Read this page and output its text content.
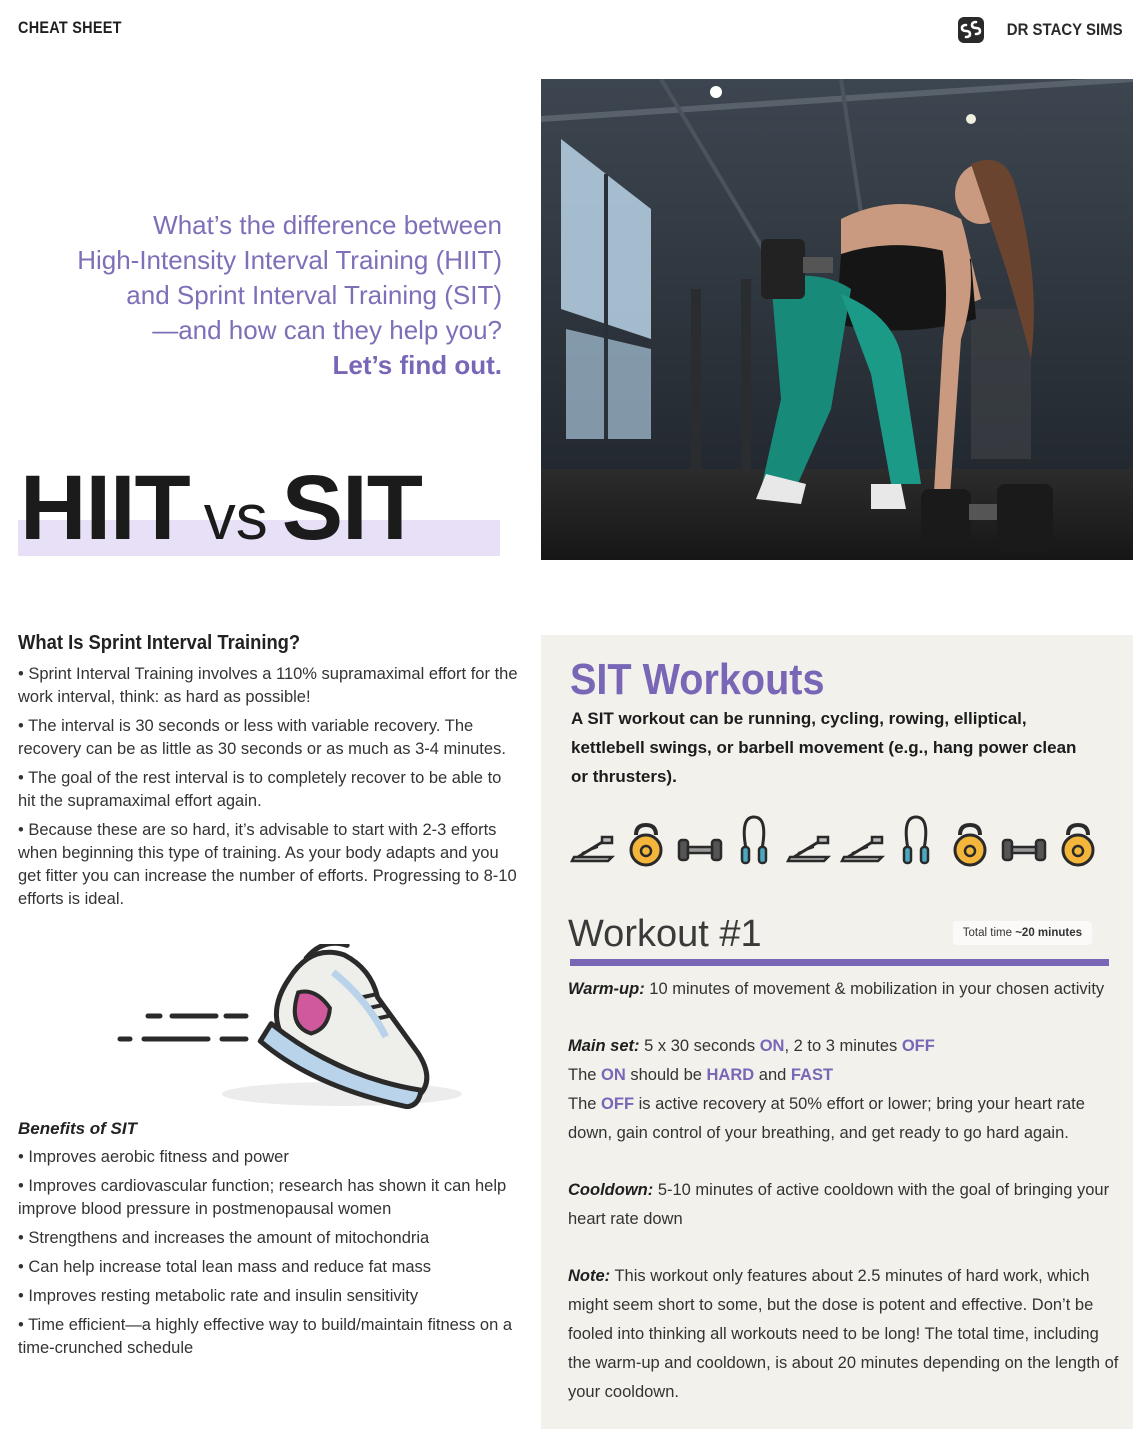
CHEAT SHEET	DR STACY SIMS
What’s the difference between
High-Intensity Interval Training (HIIT)
and Sprint Interval Training (SIT)
—and how can they help you?
Let’s find out.
HIIT vs SIT
What Is Sprint Interval Training?
• Sprint Interval Training involves a 110% supramaximal effort for the work interval, think: as hard as possible!
• The interval is 30 seconds or less with variable recovery. The recovery can be as little as 30 seconds or as much as 3-4 minutes.
• The goal of the rest interval is to completely recover to be able to hit the supramaximal effort again.
• Because these are so hard, it’s advisable to start with 2-3 efforts when beginning this type of training. As your body adapts and you get fitter you can increase the number of efforts. Progressing to 8-10 efforts is ideal.
Benefits of SIT
• Improves aerobic fitness and power
• Improves cardiovascular function; research has shown it can help improve blood pressure in postmenopausal women
• Strengthens and increases the amount of mitochondria
• Can help increase total lean mass and reduce fat mass
• Improves resting metabolic rate and insulin sensitivity
• Time efficient—a highly effective way to build/maintain fitness on a time-crunched schedule
SIT Workouts

A SIT workout can be running, cycling, rowing, elliptical, kettlebell swings, or barbell movement (e.g., hang power clean or thrusters).

Workout #1	Total time ~20 minutes

Warm-up: 10 minutes of movement & mobilization in your chosen activity

Main set: 5 x 30 seconds ON, 2 to 3 minutes OFF

The ON should be HARD and FAST

The OFF is active recovery at 50% effort or lower; bring your heart rate down, gain control of your breathing, and get ready to go hard again.

Cooldown: 5-10 minutes of active cooldown with the goal of bringing your heart rate down

Note: This workout only features about 2.5 minutes of hard work, which might seem short to some, but the dose is potent and effective. Don’t be fooled into thinking all workouts need to be long! The total time, including the warm-up and cooldown, is about 20 minutes depending on the length of your cooldown.
